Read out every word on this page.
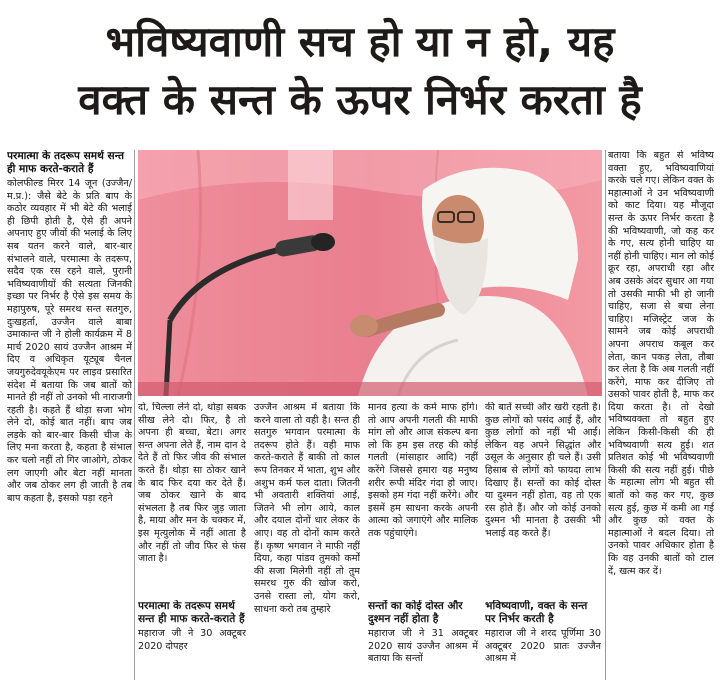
भविष्यवाणी सच हो या न हो, यह
वक्त के सन्त के ऊपर निर्भर करता है

परमात्मा के तदरूप समर्थ सन्त ही माफ करते-कराते हैं

कोलफील्ड मिरर 14 जून (उज्जैन/ म.प्र.): जैसे बेटे के प्रति बाप के कठोर व्यवहार में भी बेटे की भलाई ही छिपी होती है, ऐसे ही अपने अपनाए हुए जीवों की भलाई के लिए सब यतन करने वाले, बार-बार संभालने वाले, परमात्मा के तदरूप, सदैव एक रस रहने वाले, पुरानी भविष्यवाणीयों की सत्यता जिनकी इच्छा पर निर्भर है ऐसे इस समय के महापुरुष, पूरे समरथ सन्त सतगुरु, दुःखहर्ता, उज्जैन वाले बाबा उमाकान्त जी ने होली कार्यक्रम में 8 मार्च 2020 सायं उज्जैन आश्रम में दिए व अधिकृत यूट्यूब चैनल जयगुरुदेवयूकेएम पर लाइव प्रसारित संदेश में बताया कि जब बातों को मानते ही नहीं तो उनको भी नाराजगी रहती है। कहते हैं थोड़ा सजा भोग लेने दो, कोई बात नहीं। बाप जब लड़के को बार-बार किसी चीज के लिए मना करता है, कहता है संभाल कर चलो नहीं तो गिर जाओगे, ठोकर लग जाएगी और बेटा नहीं मानता और जब ठोकर लग ही जाती है तब बाप कहता है, इसको पड़ा रहने

दो, चिल्ला लेने दो, थोड़ा सबक सीख लेने दो। फिर, है तो अपना ही बच्चा, बेटा। अगर सन्त अपना लेते हैं, नाम दान दे देते हैं तो फिर जीव की संभाल करते हैं। थोड़ा सा ठोकर खाने के बाद फिर दया कर देते हैं। जब ठोकर खाने के बाद संभलता है तब फिर जुड़ जाता है, माया और मन के चक्कर में, इस मृत्युलोक में नहीं आता है और नहीं तो जीव फिर से फंस जाता है।

परमात्मा के तदरूप समर्थ सन्त ही माफ करते-कराते हैं

महाराज जी ने 30 अक्टूबर 2020 दोपहर

उज्जैन आश्रम में बताया कि करने वाला तो वही है। सन्त ही सतगुरु भगवान परमात्मा के तदरूप होते हैं। वही माफ करते-कराते हैं बाकी तो काल रूप तिनकर में भाता, शुभ और अशुभ कर्म फल दाता। जितनी भी अवतारी शक्तियां आई, जितने भी लोग आये, काल और दयाल दोनों धार लेकर के आए। वह तो दोनों काम करते हैं। कृष्ण भगवान ने माफी नहीं दिया, कहा पांडव तुमको कर्मों की सजा मिलेगी नहीं तो तुम समरथ गुरु की खोज करो, उनसे रास्ता लो, योग करो, साधना करो तब तुम्हारे

मानव हत्या के कर्म माफ होंगे। तो आप अपनी गलती की माफी मांग लो और आज संकल्प बना लो कि हम इस तरह की कोई गलती (मांसाहार आदि) नहीं करेंगे जिससे हमारा यह मनुष्य शरीर रूपी मंदिर गंदा हो जाए। इसको हम गंदा नहीं करेंगे। और इसमें हम साधना करके अपनी आत्मा को जगाएंगे और मालिक तक पहुंचाएंगे।

सन्तों का कोई दोस्त और दुश्मन नहीं होता है

महाराज जी ने 31 अक्टूबर 2020 सायं उज्जैन आश्रम में बताया कि सन्तों

की बातें सच्ची और खरी रहती है। कुछ लोगों को पसंद आई हैं, और कुछ लोगों को नहीं भी आईं। लेकिन वह अपने सिद्धांत और उसूल के अनुसार ही चले हैं। उसी हिसाब से लोगों को फायदा लाभ दिखाए हैं। सन्तों का कोई दोस्त या दुश्मन नहीं होता, वह तो एक रस होते हैं। और जो कोई उनको दुश्मन भी मानता है उसकी भी भलाई वह करते हैं।

भविष्यवाणी, वक्त के सन्त पर निर्भर करती है

महाराज जी ने शरद पूर्णिमा 30 अक्टूबर 2020 प्रातः उज्जैन आश्रम में

बताया कि बहुत से भविष्य वक्ता हुए, भविष्यवाणियां करके चले गए। लेकिन वक्त के महात्माओं ने उन भविष्यवाणी को काट दिया। यह मौजूदा सन्त के ऊपर निर्भर करता है की भविष्यवाणी, जो कह कर के गए, सत्य होनी चाहिए या नहीं होनी चाहिए। मान लो कोई क्रूर रहा, अपराधी रहा और अब उसके अंदर सुधार आ गया तो उसकी माफी भी हो जानी चाहिए, सजा से बचा लेना चाहिए। मजिस्ट्रेट जज के सामने जब कोई अपराधी अपना अपराध कबूल कर लेता, कान पकड़ लेता, तौबा कर लेता है कि अब गलती नहीं करेंगे, माफ कर दीजिए तो उसको पावर होती है, माफ कर दिया करता है। तो देखो भविष्यवक्ता तो बहुत हुए लेकिन किसी-किसी की ही भविष्यवाणी सत्य हुई। शत प्रतिशत कोई भी भविष्यवाणी किसी की सत्य नहीं हुई। पीछे के महात्मा लोग भी बहुत सी बातों को कह कर गए, कुछ सत्य हुई, कुछ में कमी आ गई और कुछ को वक्त के महात्माओं ने बदल दिया। तो उनको पावर अधिकार होता है कि वह उनकी बातों को टाल दें, खत्म कर दें।
